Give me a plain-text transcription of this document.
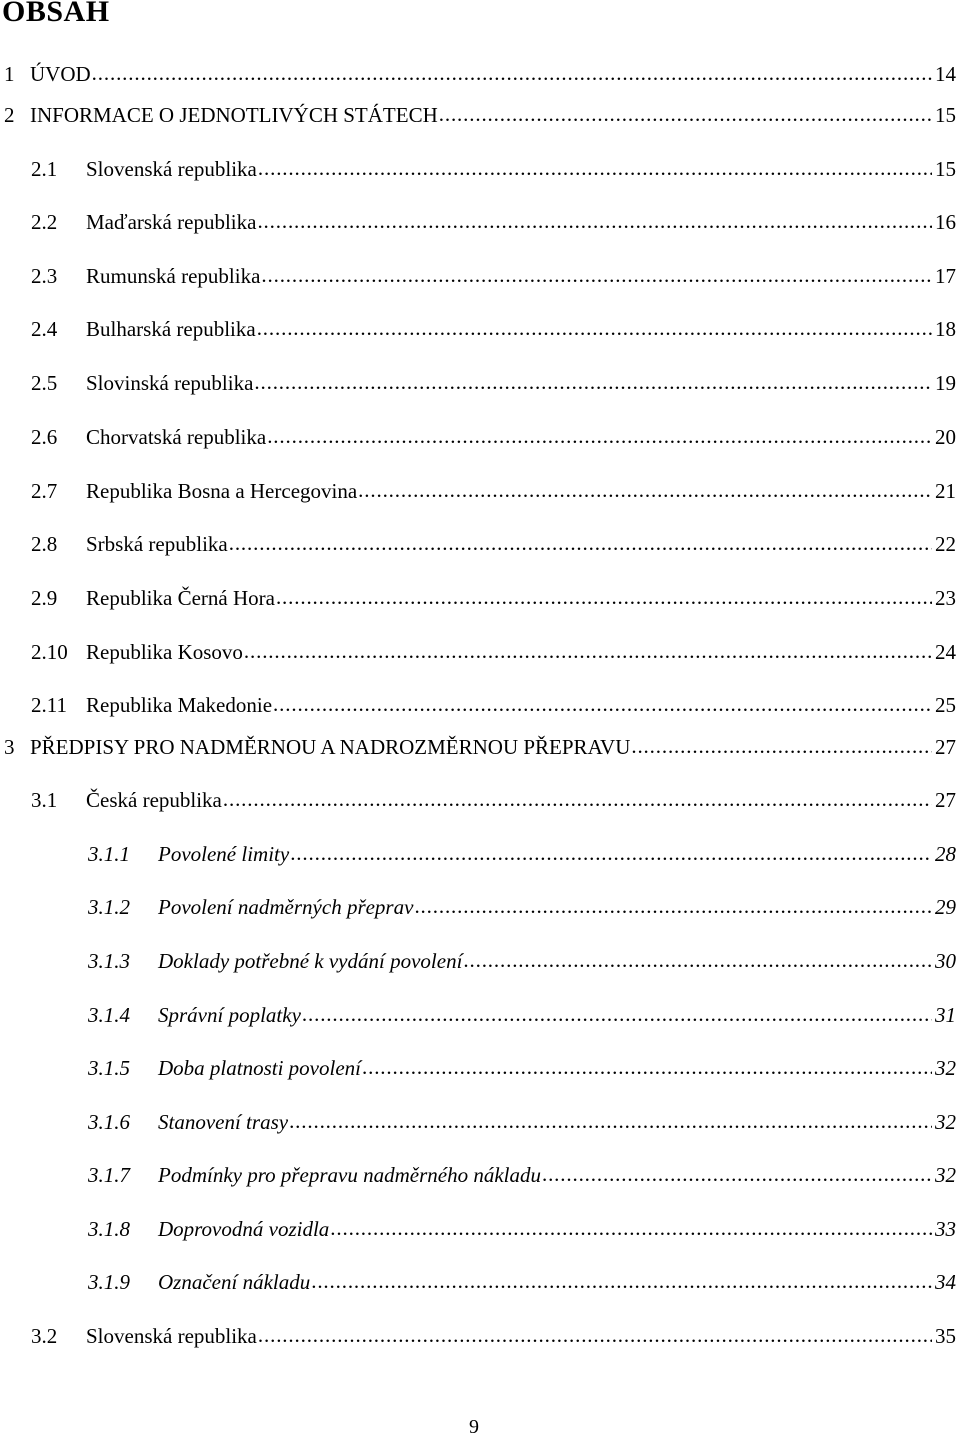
OBSAH
1 ÚVOD . . .	14
2 INFORMACE O JEDNOTLIVÝCH STÁTECH . . .	15
2.1	Slovenská republika . . .	15
2.2	Maďarská republika . . .	16
2.3	Rumunská republika . . .	17
2.4	Bulharská republika . . .	18
2.5	Slovinská republika . . .	19
2.6	Chorvatská republika . . .	20
2.7	Republika Bosna a Hercegovina . . .	21
2.8	Srbská republika . . .	22
2.9	Republika Černá Hora . . .	23
2.10 Republika Kosovo . . .	24
2.11 Republika Makedonie . . .	25
3 PŘEDPISY PRO NADMĚRNOU A NADROZMĚRNOU PŘEPRAVU . . .	27
3.1	Česká republika . . .	27
3.1.1	Povolené limity . . .	28
3.1.2	Povolení nadměrných přeprav . . .	29
3.1.3	Doklady potřebné k vydání povolení . . .	30
3.1.4	Správní poplatky . . .	31
3.1.5	Doba platnosti povolení . . .	32
3.1.6	Stanovení trasy . . .	32
3.1.7	Podmínky pro přepravu nadměrného nákladu . . .	32
3.1.8	Doprovodná vozidla . . .	33
3.1.9	Označení nákladu . . .	34
3.2	Slovenská republika . . .	35
9
